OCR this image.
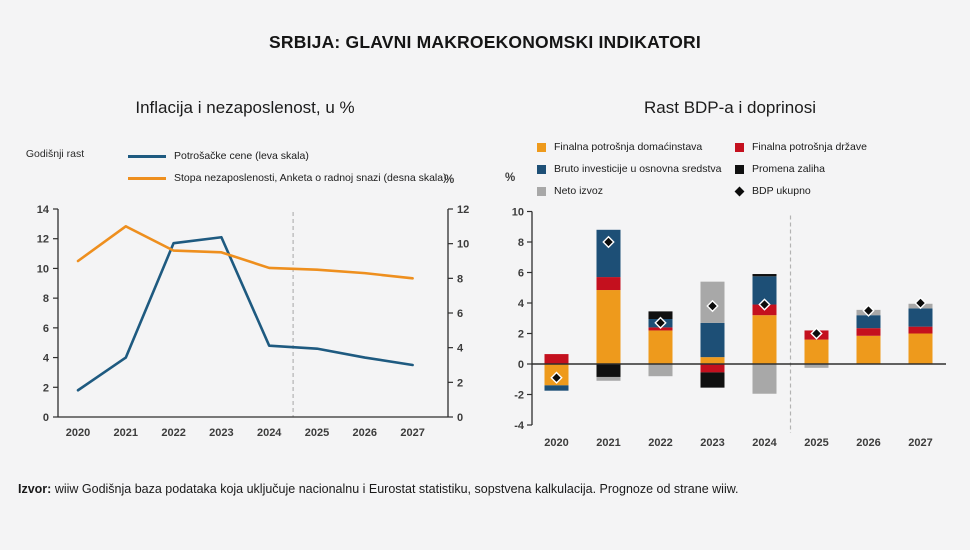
SRBIJA: GLAVNI MAKROEKONOMSKI INDIKATORI
Inflacija i nezaposlenost, u %
Godišnji rast	Potrošačke cene (leva skala)
Stopa nezaposlenosti, Anketa o radnoj snazi (desna skala)
%
0
2
4
6
8
10
12
14
0
2
4
6
8
10
12
2020 2021 2022 2023 2024 2025 2026 2027
Rast BDP-a i doprinosi
%
Finalna potrošnja domaćinstava
Bruto investicije u osnovna sredstva
Neto izvoz
Finalna potrošnja države
Promena zaliha
BDP ukupno
-4
-2
0
2
4
6
8
10
2020	2021	2022	2023	2024	2025	2026	2027
Izvor: wiiw Godišnja baza podataka koja uključuje nacionalnu i Eurostat statistiku, sopstvena kalkulacija. Prognoze od strane wiiw.
